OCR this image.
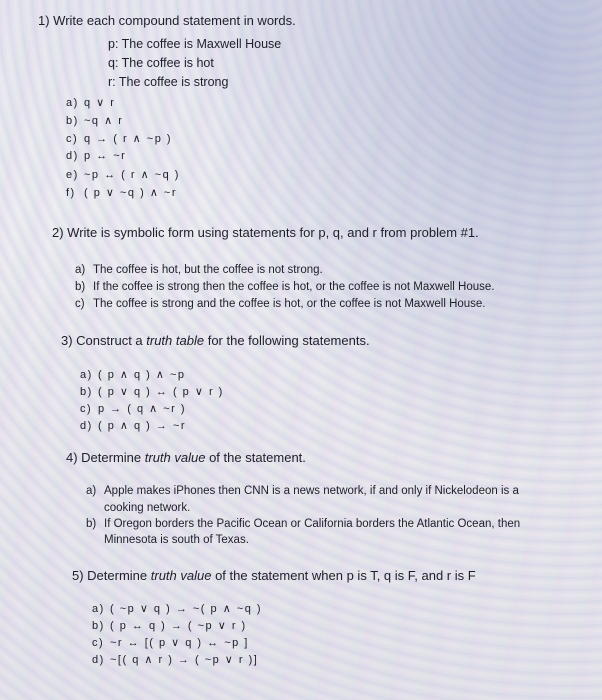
1) Write each compound statement in words.
p: The coffee is Maxwell House
q: The coffee is hot
r: The coffee is strong
a) q ∨ r
b) ~q ∧ r
c) q → ( r ∧ ~p )
d) p ↔ ~r
e) ~p ↔ ( r ∧ ~q )
f) ( p ∨ ~q ) ∧ ~r
2) Write is symbolic form using statements for p, q, and r from problem #1.
a) The coffee is hot, but the coffee is not strong.
b) If the coffee is strong then the coffee is hot, or the coffee is not Maxwell House.
c) The coffee is strong and the coffee is hot, or the coffee is not Maxwell House.
3) Construct a truth table for the following statements.
a) ( p ∧ q ) ∧ ~p
b) ( p ∨ q ) ↔ ( p ∨ r )
c) p → ( q ∧ ~r )
d) ( p ∧ q ) → ~r
4) Determine truth value of the statement.
a) Apple makes iPhones then CNN is a news network, if and only if Nickelodeon is a
cooking network.
b) If Oregon borders the Pacific Ocean or California borders the Atlantic Ocean, then
Minnesota is south of Texas.
5) Determine truth value of the statement when p is T, q is F, and r is F
a) ( ~p ∨ q ) → ~( p ∧ ~q )
b) ( p ↔ q ) → ( ~p ∨ r )
c) ~r ↔ [( p ∨ q ) ↔ ~p ]
d) ~[( q ∧ r ) → ( ~p ∨ r )]
